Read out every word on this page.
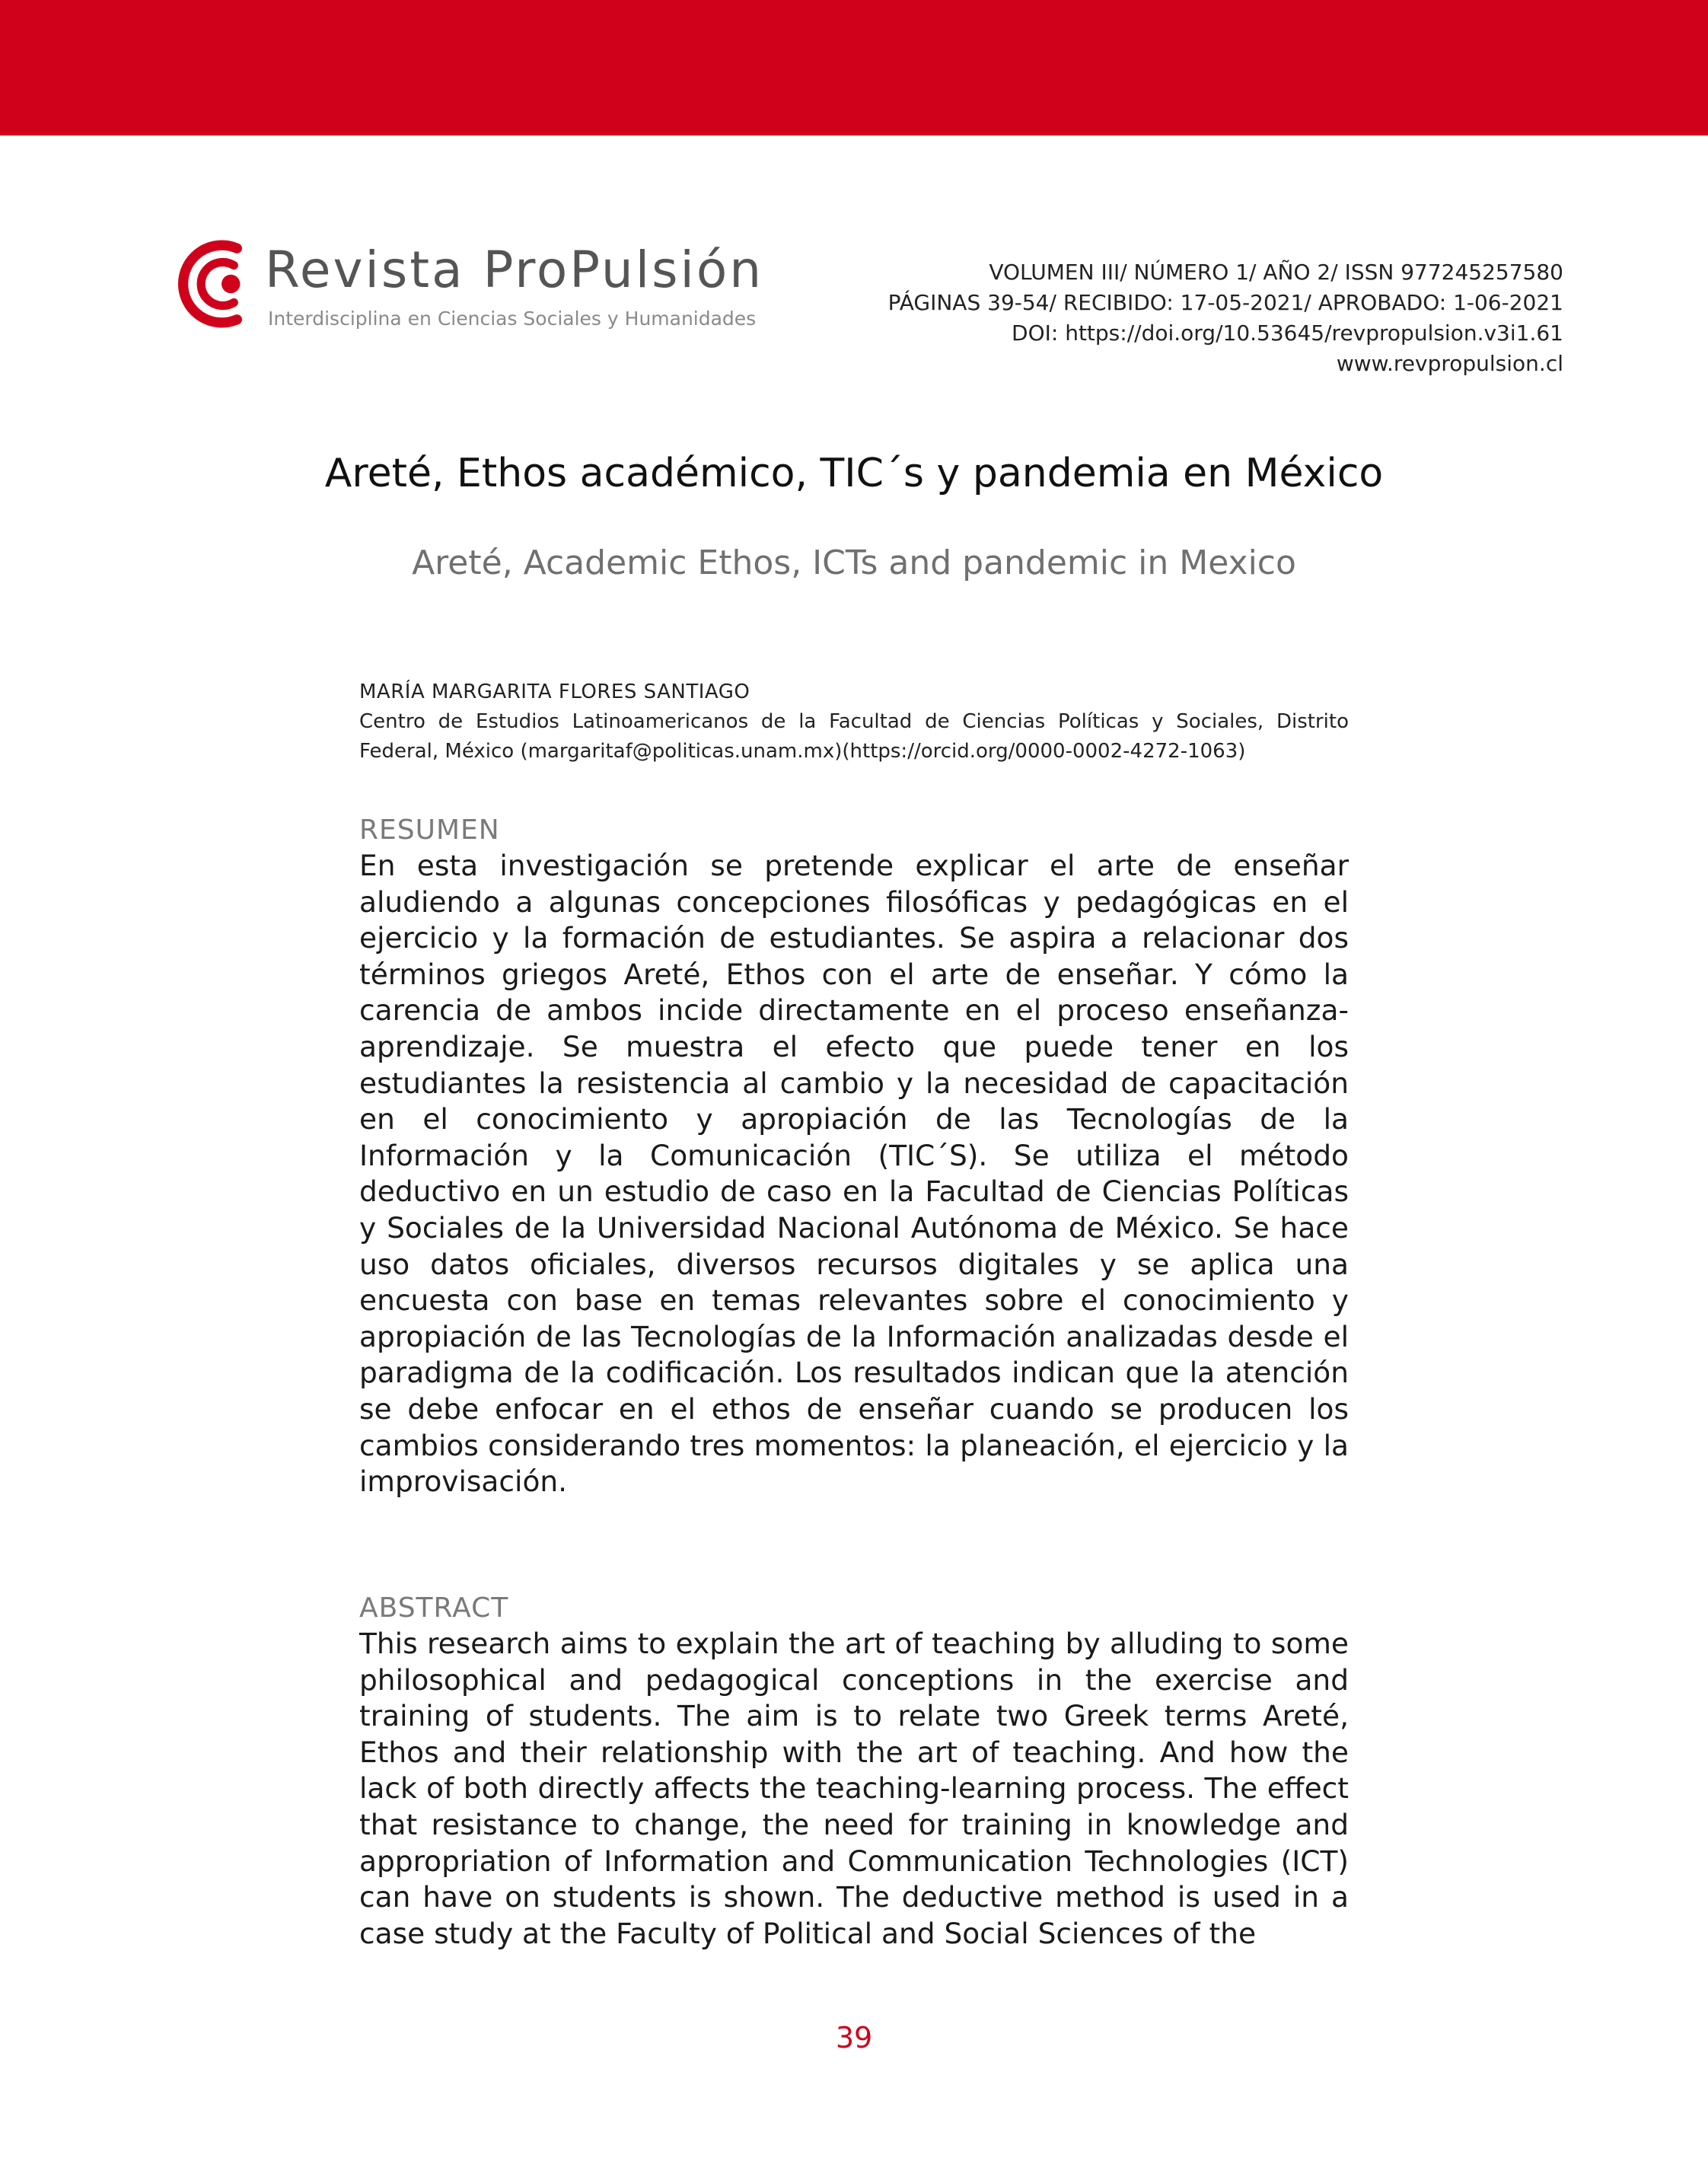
Revista ProPulsión
Interdisciplina en Ciencias Sociales y Humanidades
VOLUMEN III/ NÚMERO 1/ AÑO 2/ ISSN 977245257580
PÁGINAS 39-54/ RECIBIDO: 17-05-2021/ APROBADO: 1-06-2021
DOI: https://doi.org/10.53645/revpropulsion.v3i1.61
www.revpropulsion.cl
Areté, Ethos académico, TIC´s y pandemia en México
Areté, Academic Ethos, ICTs and pandemic in Mexico
MARÍA MARGARITA FLORES SANTIAGO
Centro de Estudios Latinoamericanos de la Facultad de Ciencias Políticas y Sociales, Distrito Federal, México (margaritaf@politicas.unam.mx)(https://orcid.org/0000-0002-4272-1063)
RESUMEN

En esta investigación se pretende explicar el arte de enseñar aludiendo a algunas concepciones filosóficas y pedagógicas en el ejercicio y la formación de estudiantes. Se aspira a relacionar dos términos griegos Areté, Ethos con el arte de enseñar. Y cómo la carencia de ambos incide directamente en el proceso enseñanza-aprendizaje. Se muestra el efecto que puede tener en los estudiantes la resistencia al cambio y la necesidad de capacitación en el conocimiento y apropiación de las Tecnologías de la Información y la Comunicación (TIC´S). Se utiliza el método deductivo en un estudio de caso en la Facultad de Ciencias Políticas y Sociales de la Universidad Nacional Autónoma de México. Se hace uso datos oficiales, diversos recursos digitales y se aplica una encuesta con base en temas relevantes sobre el conocimiento y apropiación de las Tecnologías de la Información analizadas desde el paradigma de la codificación. Los resultados indican que la atención se debe enfocar en el ethos de enseñar cuando se producen los cambios considerando tres momentos: la planeación, el ejercicio y la improvisación.

ABSTRACT

This research aims to explain the art of teaching by alluding to some philosophical and pedagogical conceptions in the exercise and training of students. The aim is to relate two Greek terms Areté, Ethos and their relationship with the art of teaching. And how the lack of both directly affects the teaching-learning process. The effect that resistance to change, the need for training in knowledge and appropriation of Information and Communication Technologies (ICT) can have on students is shown. The deductive method is used in a case study at the Faculty of Political and Social Sciences of the

39
